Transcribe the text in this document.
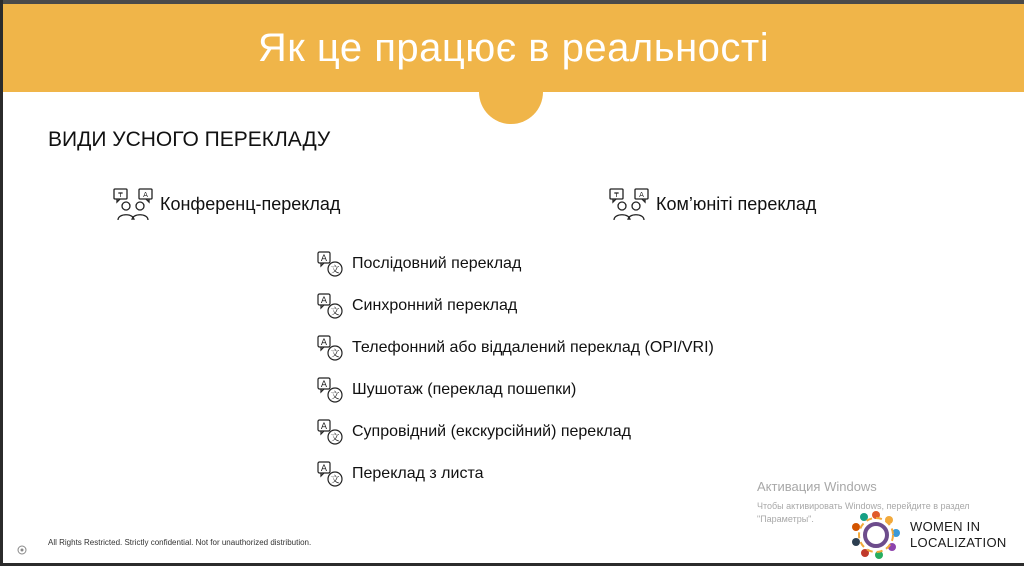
Як це працює в реальності
ВИДИ УСНОГО ПЕРЕКЛАДУ
₸	A Конференц-переклад	₸	A Ком’юніті переклад
A
文 Послідовний переклад
A
文 Синхронний переклад
A
文 Телефонний або віддалений переклад (OPI/VRI)
A
文 Шушотаж (переклад пошепки)
A
文 Супровідний (екскурсійний) переклад
A
文 Переклад з листа
Активация Windows
Чтобы активировать Windows, перейдите в раздел "Параметры".	WOMEN IN
LOCALIZATION
All Rights Restricted. Strictly confidential. Not for unauthorized distribution.
